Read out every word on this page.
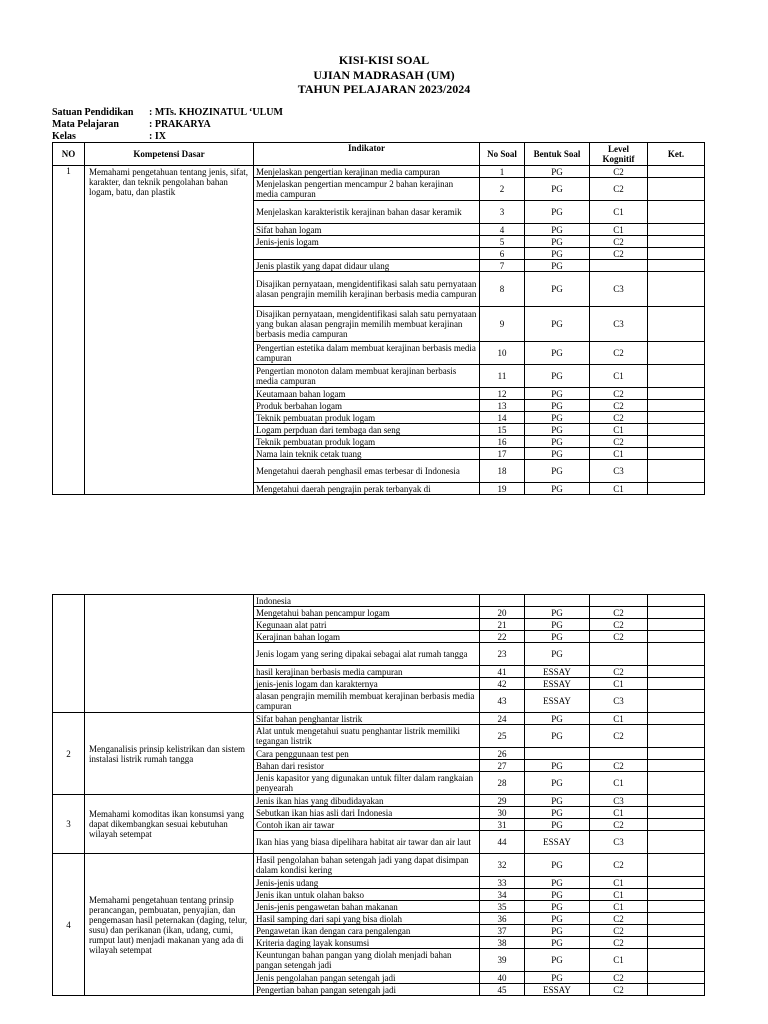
KISI-KISI SOAL
UJIAN MADRASAH (UM)
TAHUN PELAJARAN 2023/2024
Satuan Pendidikan : MTs. KHOZINATUL ‘ULUM
Mata Pelajaran	: PRAKARYA
Kelas	: IX
NO	Kompetensi Dasar	Indikator	No Soal	Bentuk Soal	Level Kognitif	Ket.
1	Memahami pengetahuan tentang jenis, sifat, karakter, dan teknik pengolahan bahan logam, batu, dan plastik	Menjelaskan pengertian kerajinan media campuran	1	PG	C2	
		Menjelaskan pengertian mencampur 2 bahan kerajinan media campuran	2	PG	C2	
		Menjelaskan karakteristik kerajinan bahan dasar keramik	3	PG	C1	
		Sifat bahan logam	4	PG	C1	
		Jenis-jenis logam	5	PG	C2	
			6	PG	C2	
		Jenis plastik yang dapat didaur ulang	7	PG		
		Disajikan pernyataan, mengidentifikasi salah satu pernyataan alasan pengrajin memilih kerajinan berbasis media campuran	8	PG	C3	
		Disajikan pernyataan, mengidentifikasi salah satu pernyataan yang bukan alasan pengrajin memilih membuat kerajinan berbasis media campuran	9	PG	C3	
		Pengertian estetika dalam membuat kerajinan berbasis media campuran	10	PG	C2	
		Pengertian monoton dalam membuat kerajinan berbasis media campuran	11	PG	C1	
		Keutamaan bahan logam	12	PG	C2	
		Produk berbahan logam	13	PG	C2	
		Teknik pembuatan produk logam	14	PG	C2	
		Logam perpduan dari tembaga dan seng	15	PG	C1	
		Teknik pembuatan produk logam	16	PG	C2	
		Nama lain teknik cetak tuang	17	PG	C1	
		Mengetahui daerah penghasil emas terbesar di Indonesia	18	PG	C3	
		Mengetahui daerah pengrajin perak terbanyak di	19	PG	C1	
		Indonesia				
		Mengetahui bahan pencampur logam	20	PG	C2	
		Kegunaan alat patri	21	PG	C2	
		Kerajinan bahan logam	22	PG	C2	
		Jenis logam yang sering dipakai sebagai alat rumah tangga	23	PG		
		hasil kerajinan berbasis media campuran	41	ESSAY	C2	
		jenis-jenis logam dan karakternya	42	ESSAY	C1	
		alasan pengrajin memilih membuat kerajinan berbasis media campuran	43	ESSAY	C3	
2	Menganalisis prinsip kelistrikan dan sistem instalasi listrik rumah tangga	Sifat bahan penghantar listrik	24	PG	C1	
		Alat untuk mengetahui suatu penghantar listrik memiliki tegangan listrik	25	PG	C2	
		Cara penggunaan test pen	26			
		Bahan dari resistor	27	PG	C2	
		Jenis kapasitor yang digunakan untuk filter dalam rangkaian penyearah	28	PG	C1	
3	Memahami komoditas ikan konsumsi yang dapat dikembangkan sesuai kebutuhan wilayah setempat	Jenis ikan hias yang dibudidayakan	29	PG	C3	
		Sebutkan ikan hias asli dari Indonesia	30	PG	C1	
		Contoh ikan air tawar	31	PG	C2	
		Ikan hias yang biasa dipelihara habitat air tawar dan air laut	44	ESSAY	C3	
4	Memahami pengetahuan tentang prinsip perancangan, pembuatan, penyajian, dan pengemasan hasil peternakan (daging, telur, susu) dan perikanan (ikan, udang, cumi, rumput laut) menjadi makanan yang ada di wilayah setempat	Hasil pengolahan bahan setengah jadi yang dapat disimpan dalam kondisi kering	32	PG	C2	
		Jenis-jenis udang	33	PG	C1	
		Jenis ikan untuk olahan bakso	34	PG	C1	
		Jenis-jenis pengawetan bahan makanan	35	PG	C1	
		Hasil samping dari sapi yang bisa diolah	36	PG	C2	
		Pengawetan ikan dengan cara pengalengan	37	PG	C2	
		Kriteria daging layak konsumsi	38	PG	C2	
		Keuntungan bahan pangan yang diolah menjadi bahan pangan setengah jadi	39	PG	C1	
		Jenis pengolahan pangan setengah jadi	40	PG	C2	
		Pengertian bahan pangan setengah jadi	45	ESSAY	C2	
